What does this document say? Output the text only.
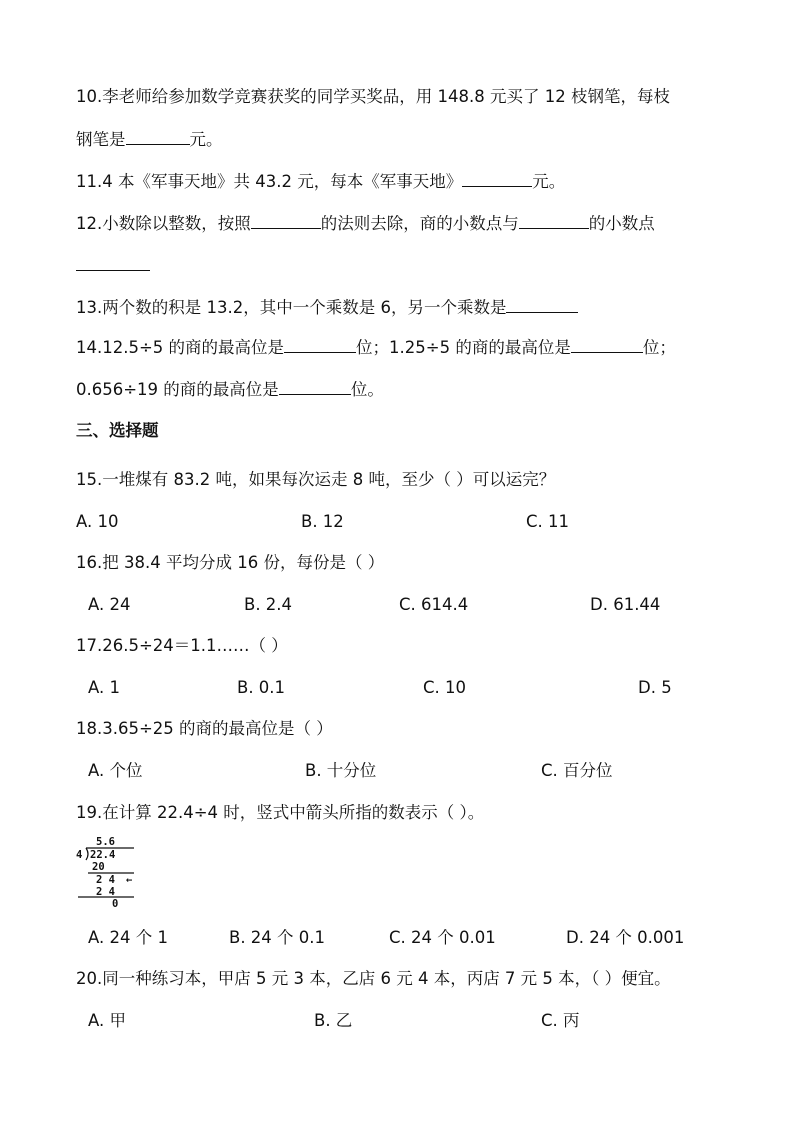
10.李老师给参加数学竞赛获奖的同学买奖品，用 148.8 元买了 12 枝钢笔，每枝
钢笔是	元。
11.4 本《军事天地》共 43.2 元，每本《军事天地》	元。
12.小数除以整数，按照	的法则去除，商的小数点与	的小数点
13.两个数的积是 13.2，其中一个乘数是 6，另一个乘数是
14.12.5÷5 的商的最高位是	位；1.25÷5 的商的最高位是	位；
0.656÷19 的商的最高位是	位。
三、选择题
15.一堆煤有 83.2 吨，如果每次运走 8 吨，至少（ ）可以运完？
A. 10	B. 12	C. 11
16.把 38.4 平均分成 16 份，每份是（ ）
A. 24	B. 2.4	C. 614.4	D. 61.44
17.26.5÷24＝1.1……（ ）
A. 1	B. 0.1	C. 10	D. 5
18.3.65÷25 的商的最高位是（ ）
A. 个位	B. 十分位	C. 百分位
19.在计算 22.4÷4 时，竖式中箭头所指的数表示（ ）。
5.6
4 22.4
20
2 4 ←
2 4
0
A. 24 个 1	B. 24 个 0.1	C. 24 个 0.01	D. 24 个 0.001
20.同一种练习本，甲店 5 元 3 本，乙店 6 元 4 本，丙店 7 元 5 本，（ ）便宜。
A. 甲	B. 乙	C. 丙
